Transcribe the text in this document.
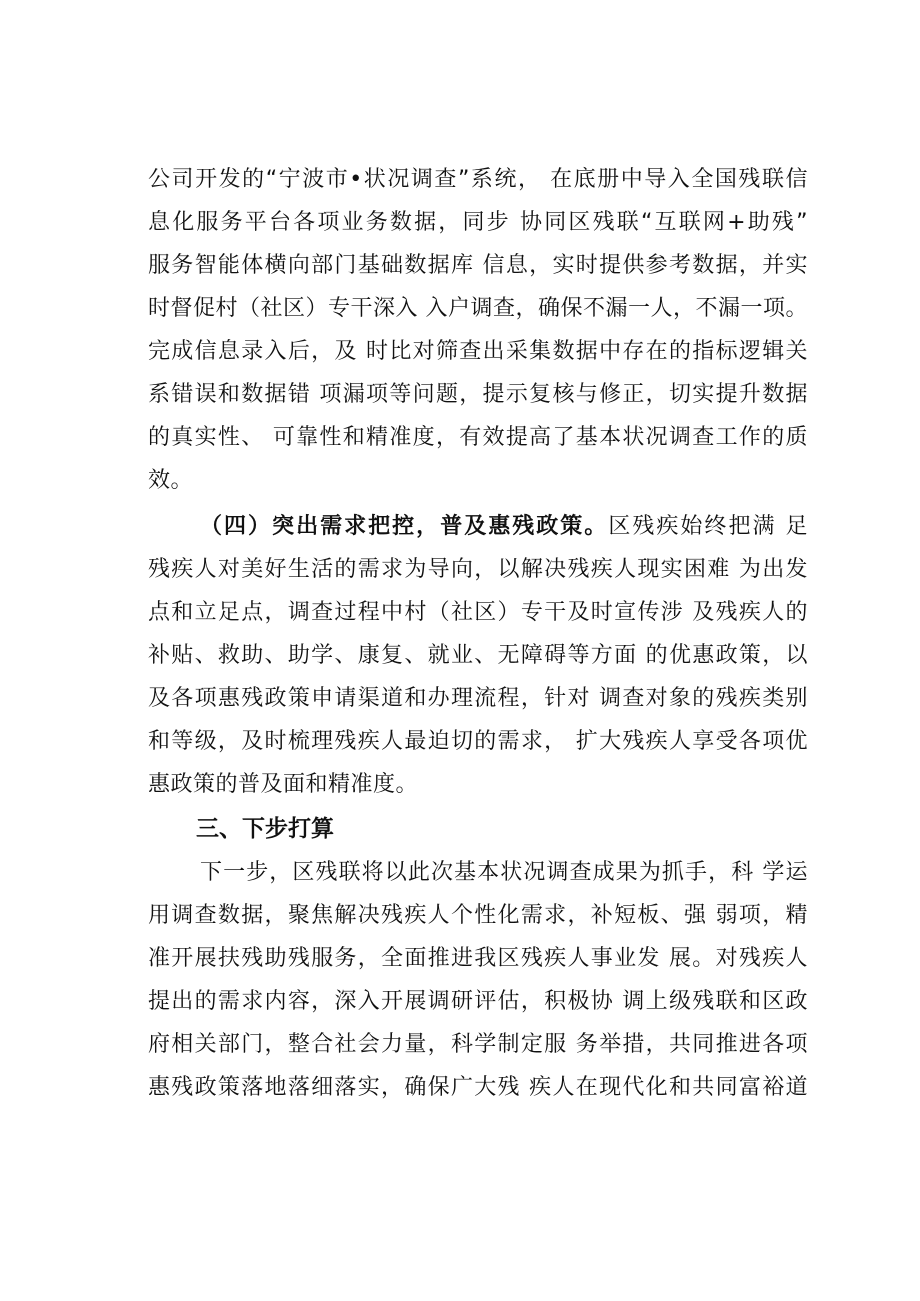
公司开发的“宁波市•状况调查”系统， 在底册中导入全国残联信
息化服务平台各项业务数据，同步 协同区残联“互联网+助残”
服务智能体横向部门基础数据库 信息，实时提供参考数据，并实
时督促村（社区）专干深入 入户调查，确保不漏一人，不漏一项。
完成信息录入后，及 时比对筛查出采集数据中存在的指标逻辑关
系错误和数据错 项漏项等问题，提示复核与修正，切实提升数据
的真实性、 可靠性和精准度，有效提高了基本状况调查工作的质
效。
（四）突出需求把控，普及惠残政策。区残疾始终把满 足
残疾人对美好生活的需求为导向，以解决残疾人现实困难 为出发
点和立足点，调查过程中村（社区）专干及时宣传涉 及残疾人的
补贴、救助、助学、康复、就业、无障碍等方面 的优惠政策，以
及各项惠残政策申请渠道和办理流程，针对 调查对象的残疾类别
和等级，及时梳理残疾人最迫切的需求， 扩大残疾人享受各项优
惠政策的普及面和精准度。
三、下步打算
下一步，区残联将以此次基本状况调查成果为抓手，科 学运
用调查数据，聚焦解决残疾人个性化需求，补短板、强 弱项，精
准开展扶残助残服务，全面推进我区残疾人事业发 展。对残疾人
提出的需求内容，深入开展调研评估，积极协 调上级残联和区政
府相关部门，整合社会力量，科学制定服 务举措，共同推进各项
惠残政策落地落细落实，确保广大残 疾人在现代化和共同富裕道
